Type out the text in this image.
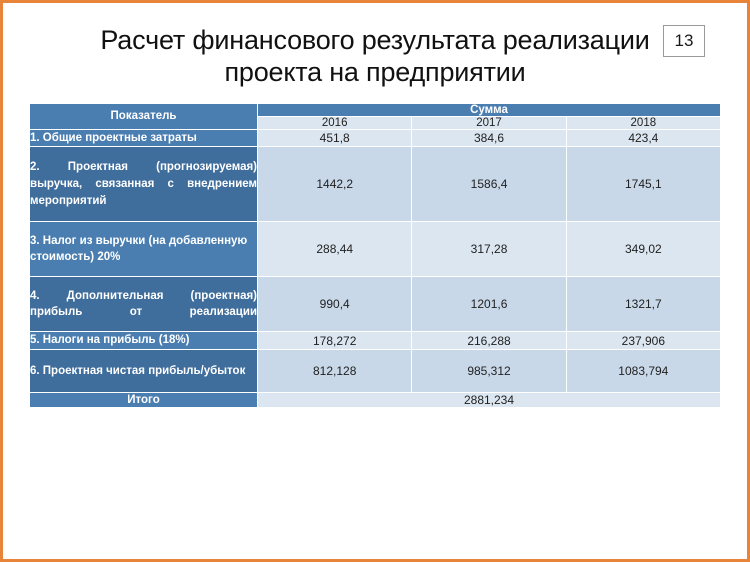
13
Расчет финансового результата реализации проекта на предприятии
Показатель	Сумма		
	2016	2017	2018
1. Общие проектные затраты	451,8	384,6	423,4
2. Проектная (прогнозируемая) выручка, связанная с внедрением мероприятий	1442,2	1586,4	1745,1
3. Налог из выручки (на добавленную стоимость) 20%	288,44	317,28	349,02
4. Дополнительная (проектная) прибыль от реализации	990,4	1201,6	1321,7
5. Налоги на прибыль (18%)	178,272	216,288	237,906
6. Проектная чистая прибыль/убыток	812,128	985,312	1083,794
Итого	2881,234		
